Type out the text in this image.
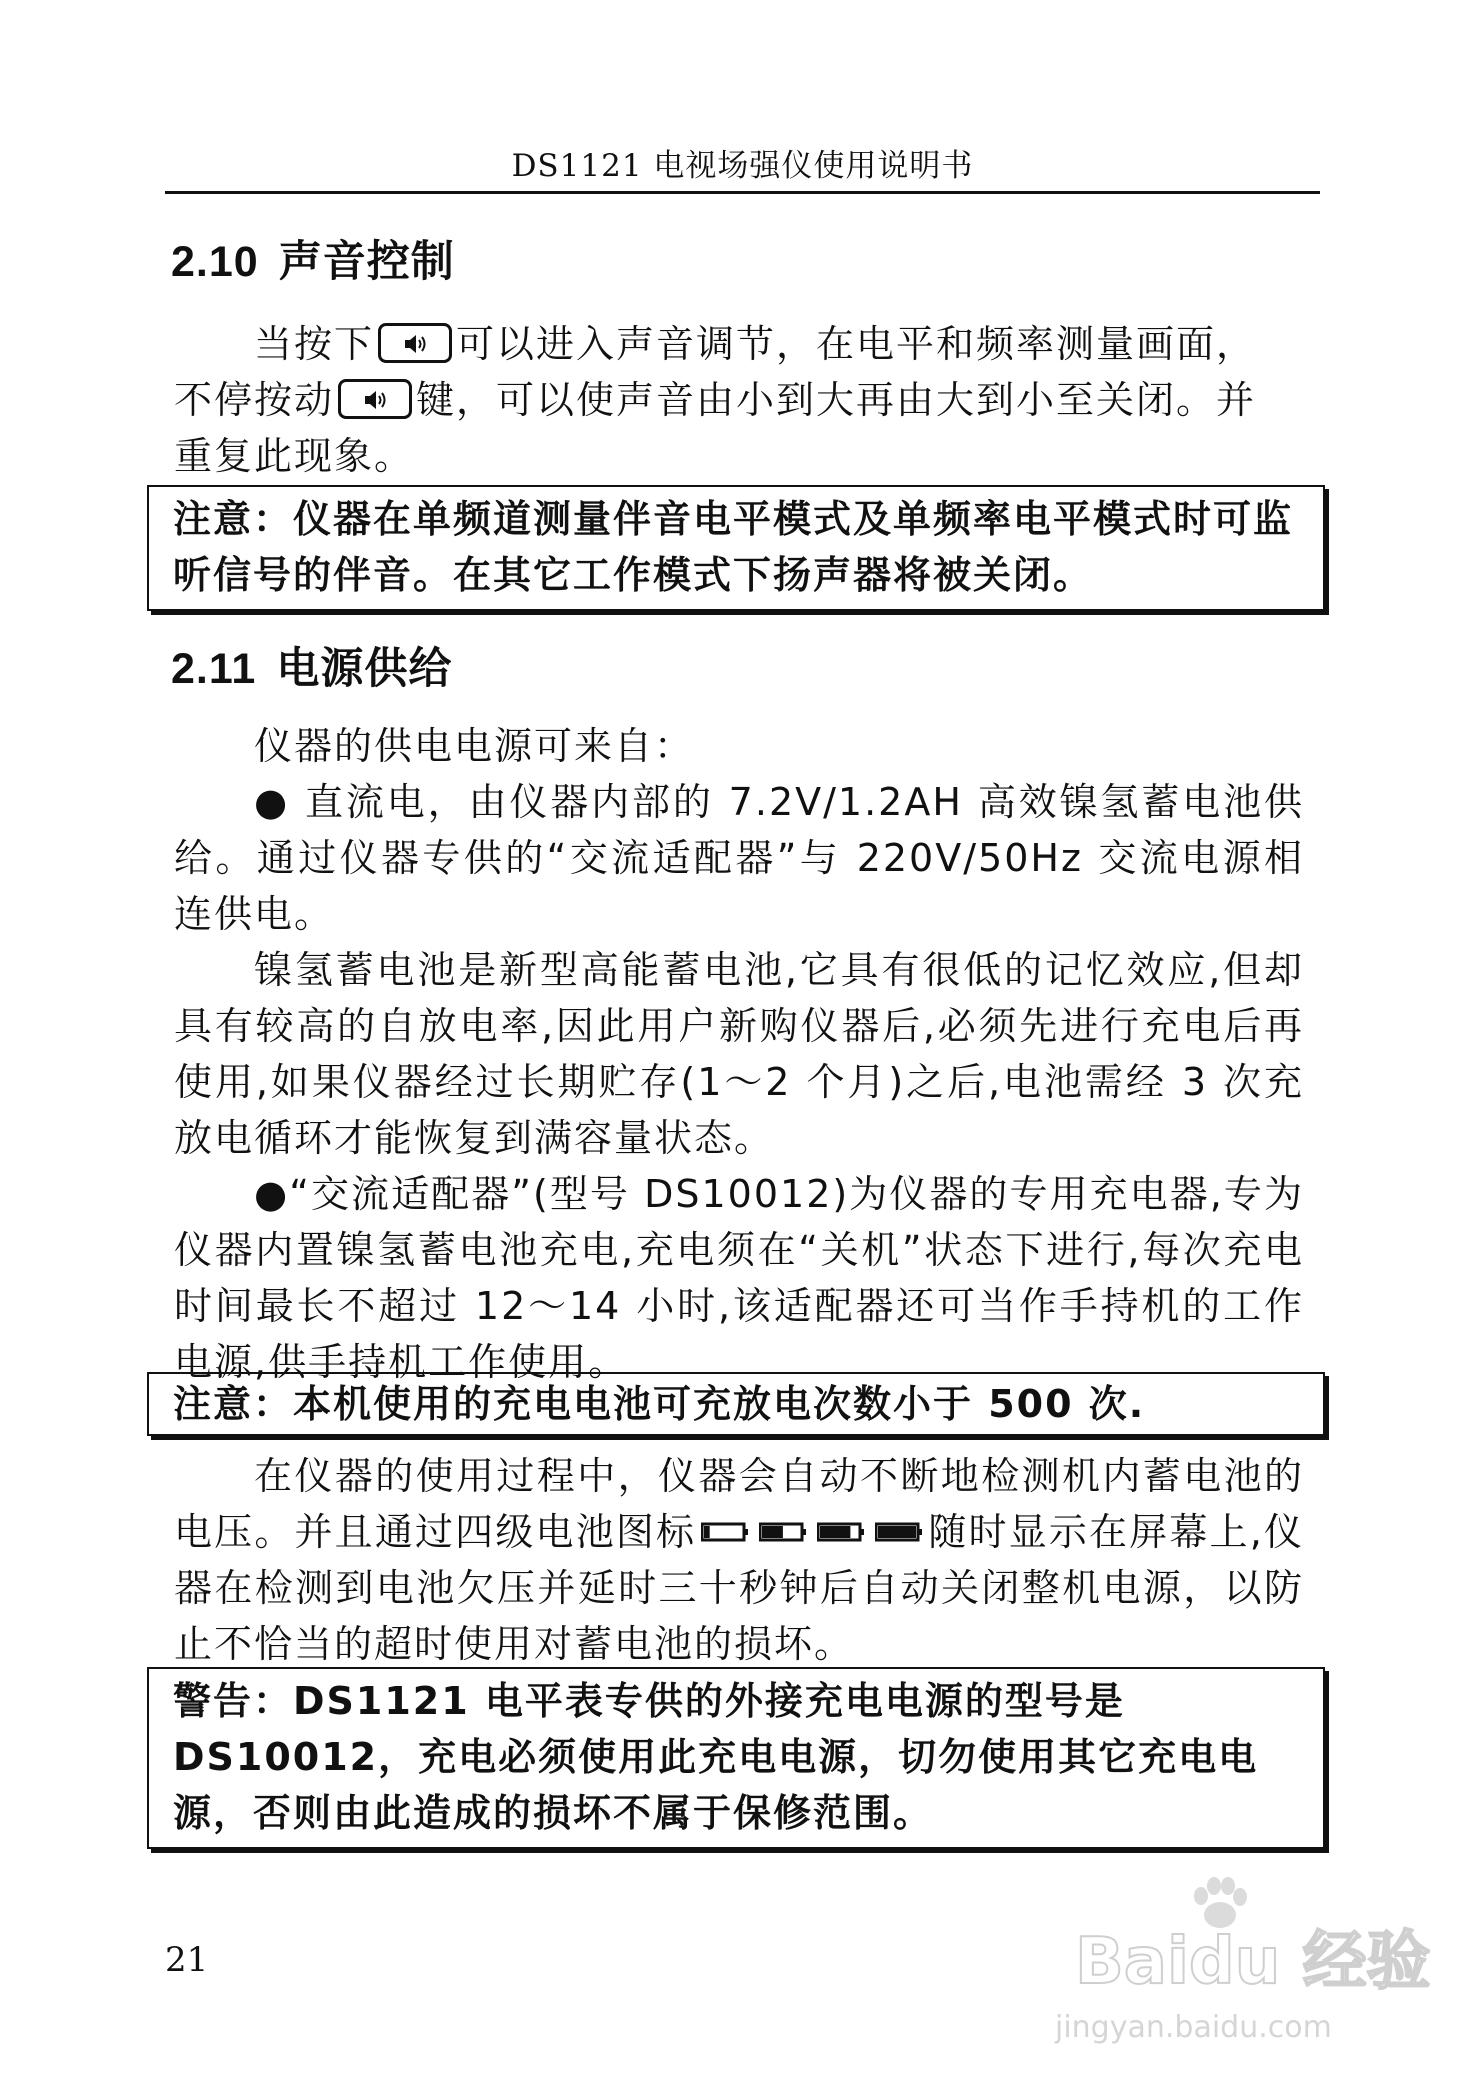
DS1121 电视场强仪使用说明书
2.10 声音控制

当按下 可以进入声音调节，在电平和频率测量画面，

不停按动 键，可以使声音由小到大再由大到小至关闭。并

重复此现象。

注意：仪器在单频道测量伴音电平模式及单频率电平模式时可监听信号的伴音。在其它工作模式下扬声器将被关闭。
2.11 电源供给

仪器的供电电源可来自：

● 直流电，由仪器内部的 7.2V/1.2AH 高效镍氢蓄电池供给。通过仪器专供的“交流适配器”与 220V/50Hz 交流电源相连供电。

镍氢蓄电池是新型高能蓄电池,它具有很低的记忆效应,但却具有较高的自放电率,因此用户新购仪器后,必须先进行充电后再使用,如果仪器经过长期贮存(1～2 个月)之后,电池需经 3 次充放电循环才能恢复到满容量状态。

●“交流适配器”(型号 DS10012)为仪器的专用充电器,专为仪器内置镍氢蓄电池充电,充电须在“关机”状态下进行,每次充电时间最长不超过 12～14 小时,该适配器还可当作手持机的工作电源,供手持机工作使用。

注意：本机使用的充电电池可充放电次数小于 500 次.

在仪器的使用过程中，仪器会自动不断地检测机内蓄电池的电压。并且通过四级电池图标	随时显示在屏幕上,仪器在检测到电池欠压并延时三十秒钟后自动关闭整机电源，以防止不恰当的超时使用对蓄电池的损坏。

警告：DS1121 电平表专供的外接充电电源的型号是 DS10012，充电必须使用此充电电源，切勿使用其它充电电源，否则由此造成的损坏不属于保修范围。
21	Baidu 经验
jingyan.baidu.com
